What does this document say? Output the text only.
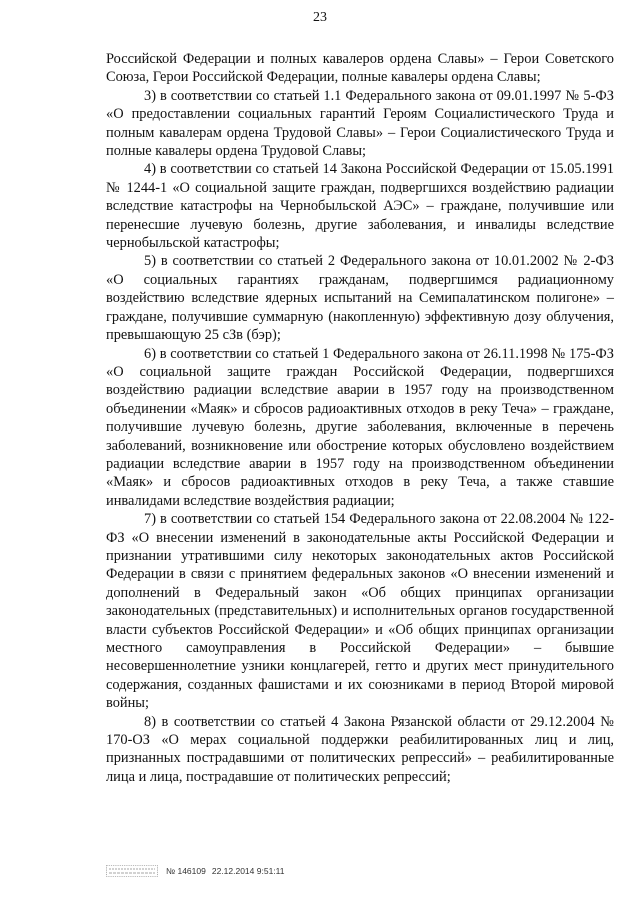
23

Российской Федерации и полных кавалеров ордена Славы» – Герои Советского Союза, Герои Российской Федерации, полные кавалеры ордена Славы;

3) в соответствии со статьей 1.1 Федерального закона от 09.01.1997 № 5-ФЗ «О предоставлении социальных гарантий Героям Социалистического Труда и полным кавалерам ордена Трудовой Славы» – Герои Социалистического Труда и полные кавалеры ордена Трудовой Славы;

4) в соответствии со статьей 14 Закона Российской Федерации от 15.05.1991 № 1244-1 «О социальной защите граждан, подвергшихся воздействию радиации вследствие катастрофы на Чернобыльской АЭС» – граждане, получившие или перенесшие лучевую болезнь, другие заболевания, и инвалиды вследствие чернобыльской катастрофы;

5) в соответствии со статьей 2 Федерального закона от 10.01.2002 № 2-ФЗ «О социальных гарантиях гражданам, подвергшимся радиационному воздействию вследствие ядерных испытаний на Семипалатинском полигоне» – граждане, получившие суммарную (накопленную) эффективную дозу облучения, превышающую 25 сЗв (бэр);

6) в соответствии со статьей 1 Федерального закона от 26.11.1998 № 175-ФЗ «О социальной защите граждан Российской Федерации, подвергшихся воздействию радиации вследствие аварии в 1957 году на производственном объединении «Маяк» и сбросов радиоактивных отходов в реку Теча» – граждане, получившие лучевую болезнь, другие заболевания, включенные в перечень заболеваний, возникновение или обострение которых обусловлено воздействием радиации вследствие аварии в 1957 году на производственном объединении «Маяк» и сбросов радиоактивных отходов в реку Теча, а также ставшие инвалидами вследствие воздействия радиации;

7) в соответствии со статьей 154 Федерального закона от 22.08.2004 № 122-ФЗ «О внесении изменений в законодательные акты Российской Федерации и признании утратившими силу некоторых законодательных актов Российской Федерации в связи с принятием федеральных законов «О внесении изменений и дополнений в Федеральный закон «Об общих принципах организации законодательных (представительных) и исполнительных органов государственной власти субъектов Российской Федерации» и «Об общих принципах организации местного самоуправления в Российской Федерации» – бывшие несовершеннолетние узники концлагерей, гетто и других мест принудительного содержания, созданных фашистами и их союзниками в период Второй мировой войны;

8) в соответствии со статьей 4 Закона Рязанской области от 29.12.2004 № 170-ОЗ «О мерах социальной поддержки реабилитированных лиц и лиц, признанных пострадавшими от политических репрессий» – реабилитированные лица и лица, пострадавшие от политических репрессий;

№ 146109 22.12.2014 9:51:11
